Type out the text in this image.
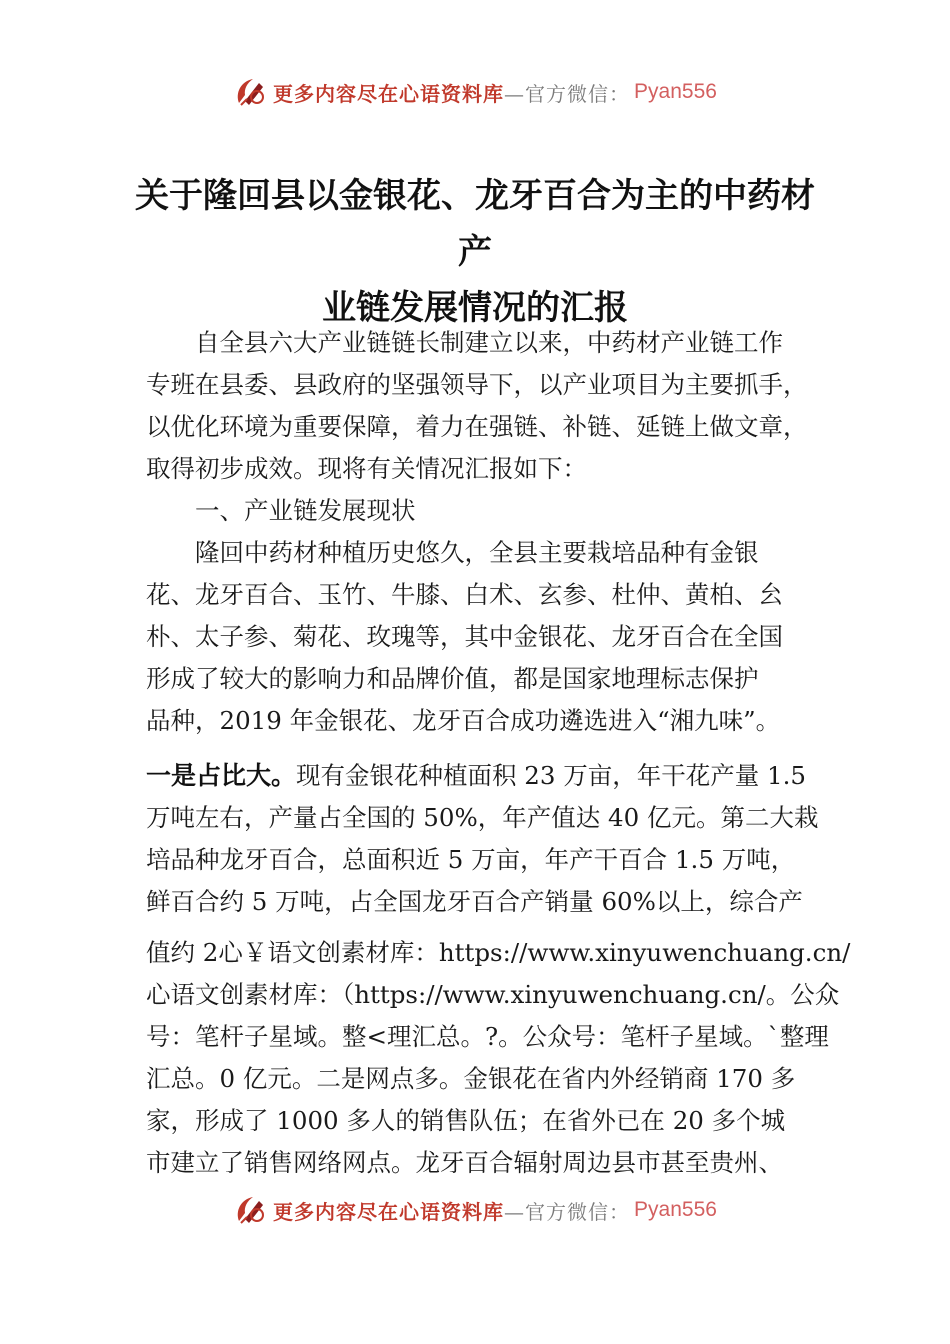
更多内容尽在心语资料库 —官方微信： Pyan556
关于隆回县以金银花、龙牙百合为主的中药材产
业链发展情况的汇报

自全县六大产业链链长制建立以来，中药材产业链工作

专班在县委、县政府的坚强领导下，以产业项目为主要抓手，

以优化环境为重要保障，着力在强链、补链、延链上做文章，

取得初步成效。现将有关情况汇报如下：

一、产业链发展现状

隆回中药材种植历史悠久，全县主要栽培品种有金银

花、龙牙百合、玉竹、牛膝、白术、玄参、杜仲、黄柏、㕕

朴、太子参、菊花、玫瑰等，其中金银花、龙牙百合在全国

形成了较大的影响力和品牌价值，都是国家地理标志保护

品种，2019 年金银花、龙牙百合成功遴选进入“湘九味”。

一是占比大。现有金银花种植面积 23 万亩，年干花产量 1.5

万吨左右，产量占全国的 50%，年产值达 40 亿元。第二大栽

培品种龙牙百合，总面积近 5 万亩，年产干百合 1.5 万吨，

鲜百合约 5 万吨，占全国龙牙百合产销量 60%以上，综合产

值约 2心￥语文创素材库：https://www.xinyuwenchuang.cn/

心语文创素材库：（https://www.xinyuwenchuang.cn/。公众

号：笔杆子星域。整<理汇总。?。公众号：笔杆子星域。`整理

汇总。0 亿元。二是网点多。金银花在省内外经销商 170 多

家，形成了 1000 多人的销售队伍；在省外已在 20 多个城

市建立了销售网络网点。龙牙百合辐射周边县市甚至贵州、

更多内容尽在心语资料库 —官方微信： Pyan556
